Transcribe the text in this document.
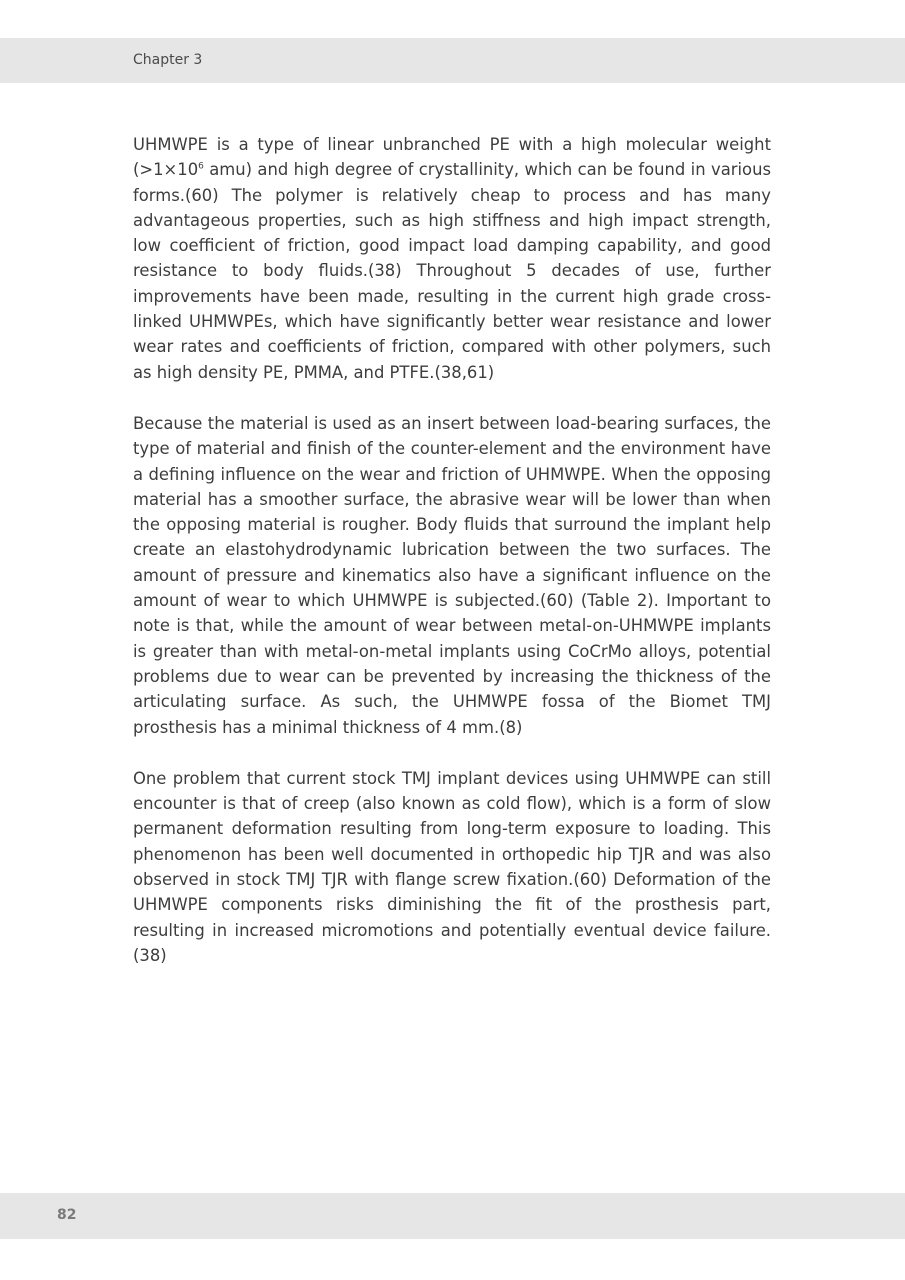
Chapter 3

UHMWPE is a type of linear unbranched PE with a high molecular weight ($>1\times 10^6$ amu) and high degree of crystallinity, which can be found in various forms.(60) The polymer is relatively cheap to process and has many advantageous properties, such as high stiffness and high impact strength, low coefficient of friction, good impact load damping capability, and good resistance to body fluids.(38) Throughout 5 decades of use, further improvements have been made, resulting in the current high grade cross-linked UHMWPEs, which have significantly better wear resistance and lower wear rates and coefficients of friction, compared with other polymers, such as high density PE, PMMA, and PTFE.(38,61)

Because the material is used as an insert between load-bearing surfaces, the type of material and finish of the counter-element and the environment have a defining influence on the wear and friction of UHMWPE. When the opposing material has a smoother surface, the abrasive wear will be lower than when the opposing material is rougher. Body fluids that surround the implant help create an elastohydrodynamic lubrication between the two surfaces. The amount of pressure and kinematics also have a significant influence on the amount of wear to which UHMWPE is subjected.(60) (Table 2). Important to note is that, while the amount of wear between metal-on-UHMWPE implants is greater than with metal-on-metal implants using CoCrMo alloys, potential problems due to wear can be prevented by increasing the thickness of the articulating surface. As such, the UHMWPE fossa of the Biomet TMJ prosthesis has a minimal thickness of 4 mm.(8)

One problem that current stock TMJ implant devices using UHMWPE can still encounter is that of creep (also known as cold flow), which is a form of slow permanent deformation resulting from long-term exposure to loading. This phenomenon has been well documented in orthopedic hip TJR and was also observed in stock TMJ TJR with flange screw fixation.(60) Deformation of the UHMWPE components risks diminishing the fit of the prosthesis part, resulting in increased micromotions and potentially eventual device failure.(38)

82
